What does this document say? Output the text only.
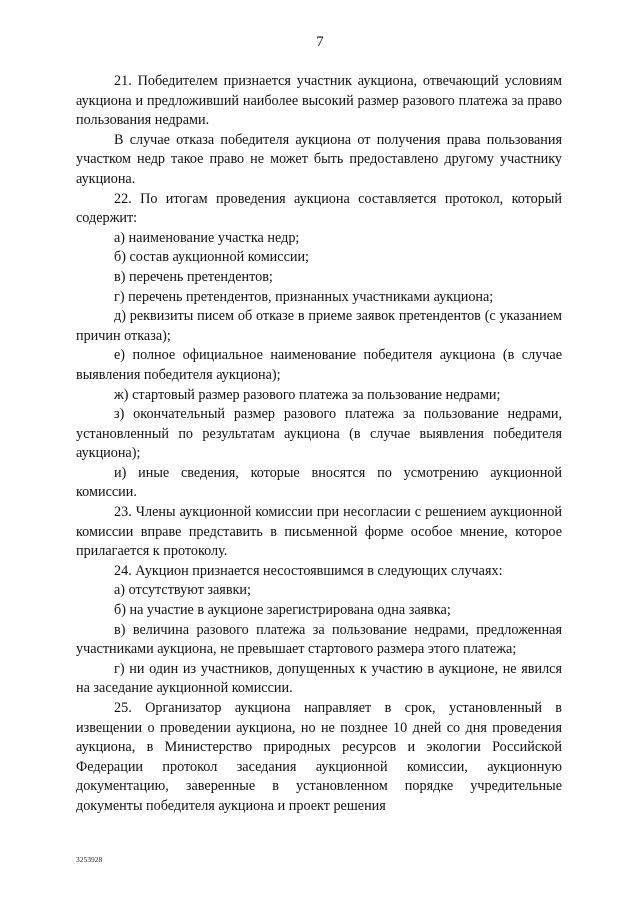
7

21. Победителем признается участник аукциона, отвечающий условиям аукциона и предложивший наиболее высокий размер разового платежа за право пользования недрами.

В случае отказа победителя аукциона от получения права пользования участком недр такое право не может быть предоставлено другому участнику аукциона.

22. По итогам проведения аукциона составляется протокол, который содержит:

а) наименование участка недр;

б) состав аукционной комиссии;

в) перечень претендентов;

г) перечень претендентов, признанных участниками аукциона;

д) реквизиты писем об отказе в приеме заявок претендентов (с указанием причин отказа);

е) полное официальное наименование победителя аукциона (в случае выявления победителя аукциона);

ж) стартовый размер разового платежа за пользование недрами;

з) окончательный размер разового платежа за пользование недрами, установленный по результатам аукциона (в случае выявления победителя аукциона);

и) иные сведения, которые вносятся по усмотрению аукционной комиссии.

23. Члены аукционной комиссии при несогласии с решением аукционной комиссии вправе представить в письменной форме особое мнение, которое прилагается к протоколу.

24. Аукцион признается несостоявшимся в следующих случаях:

а) отсутствуют заявки;

б) на участие в аукционе зарегистрирована одна заявка;

в) величина разового платежа за пользование недрами, предложенная участниками аукциона, не превышает стартового размера этого платежа;

г) ни один из участников, допущенных к участию в аукционе, не явился на заседание аукционной комиссии.

25. Организатор аукциона направляет в срок, установленный в извещении о проведении аукциона, но не позднее 10 дней со дня проведения аукциона, в Министерство природных ресурсов и экологии Российской Федерации протокол заседания аукционной комиссии, аукционную документацию, заверенные в установленном порядке учредительные документы победителя аукциона и проект решения

3253928
